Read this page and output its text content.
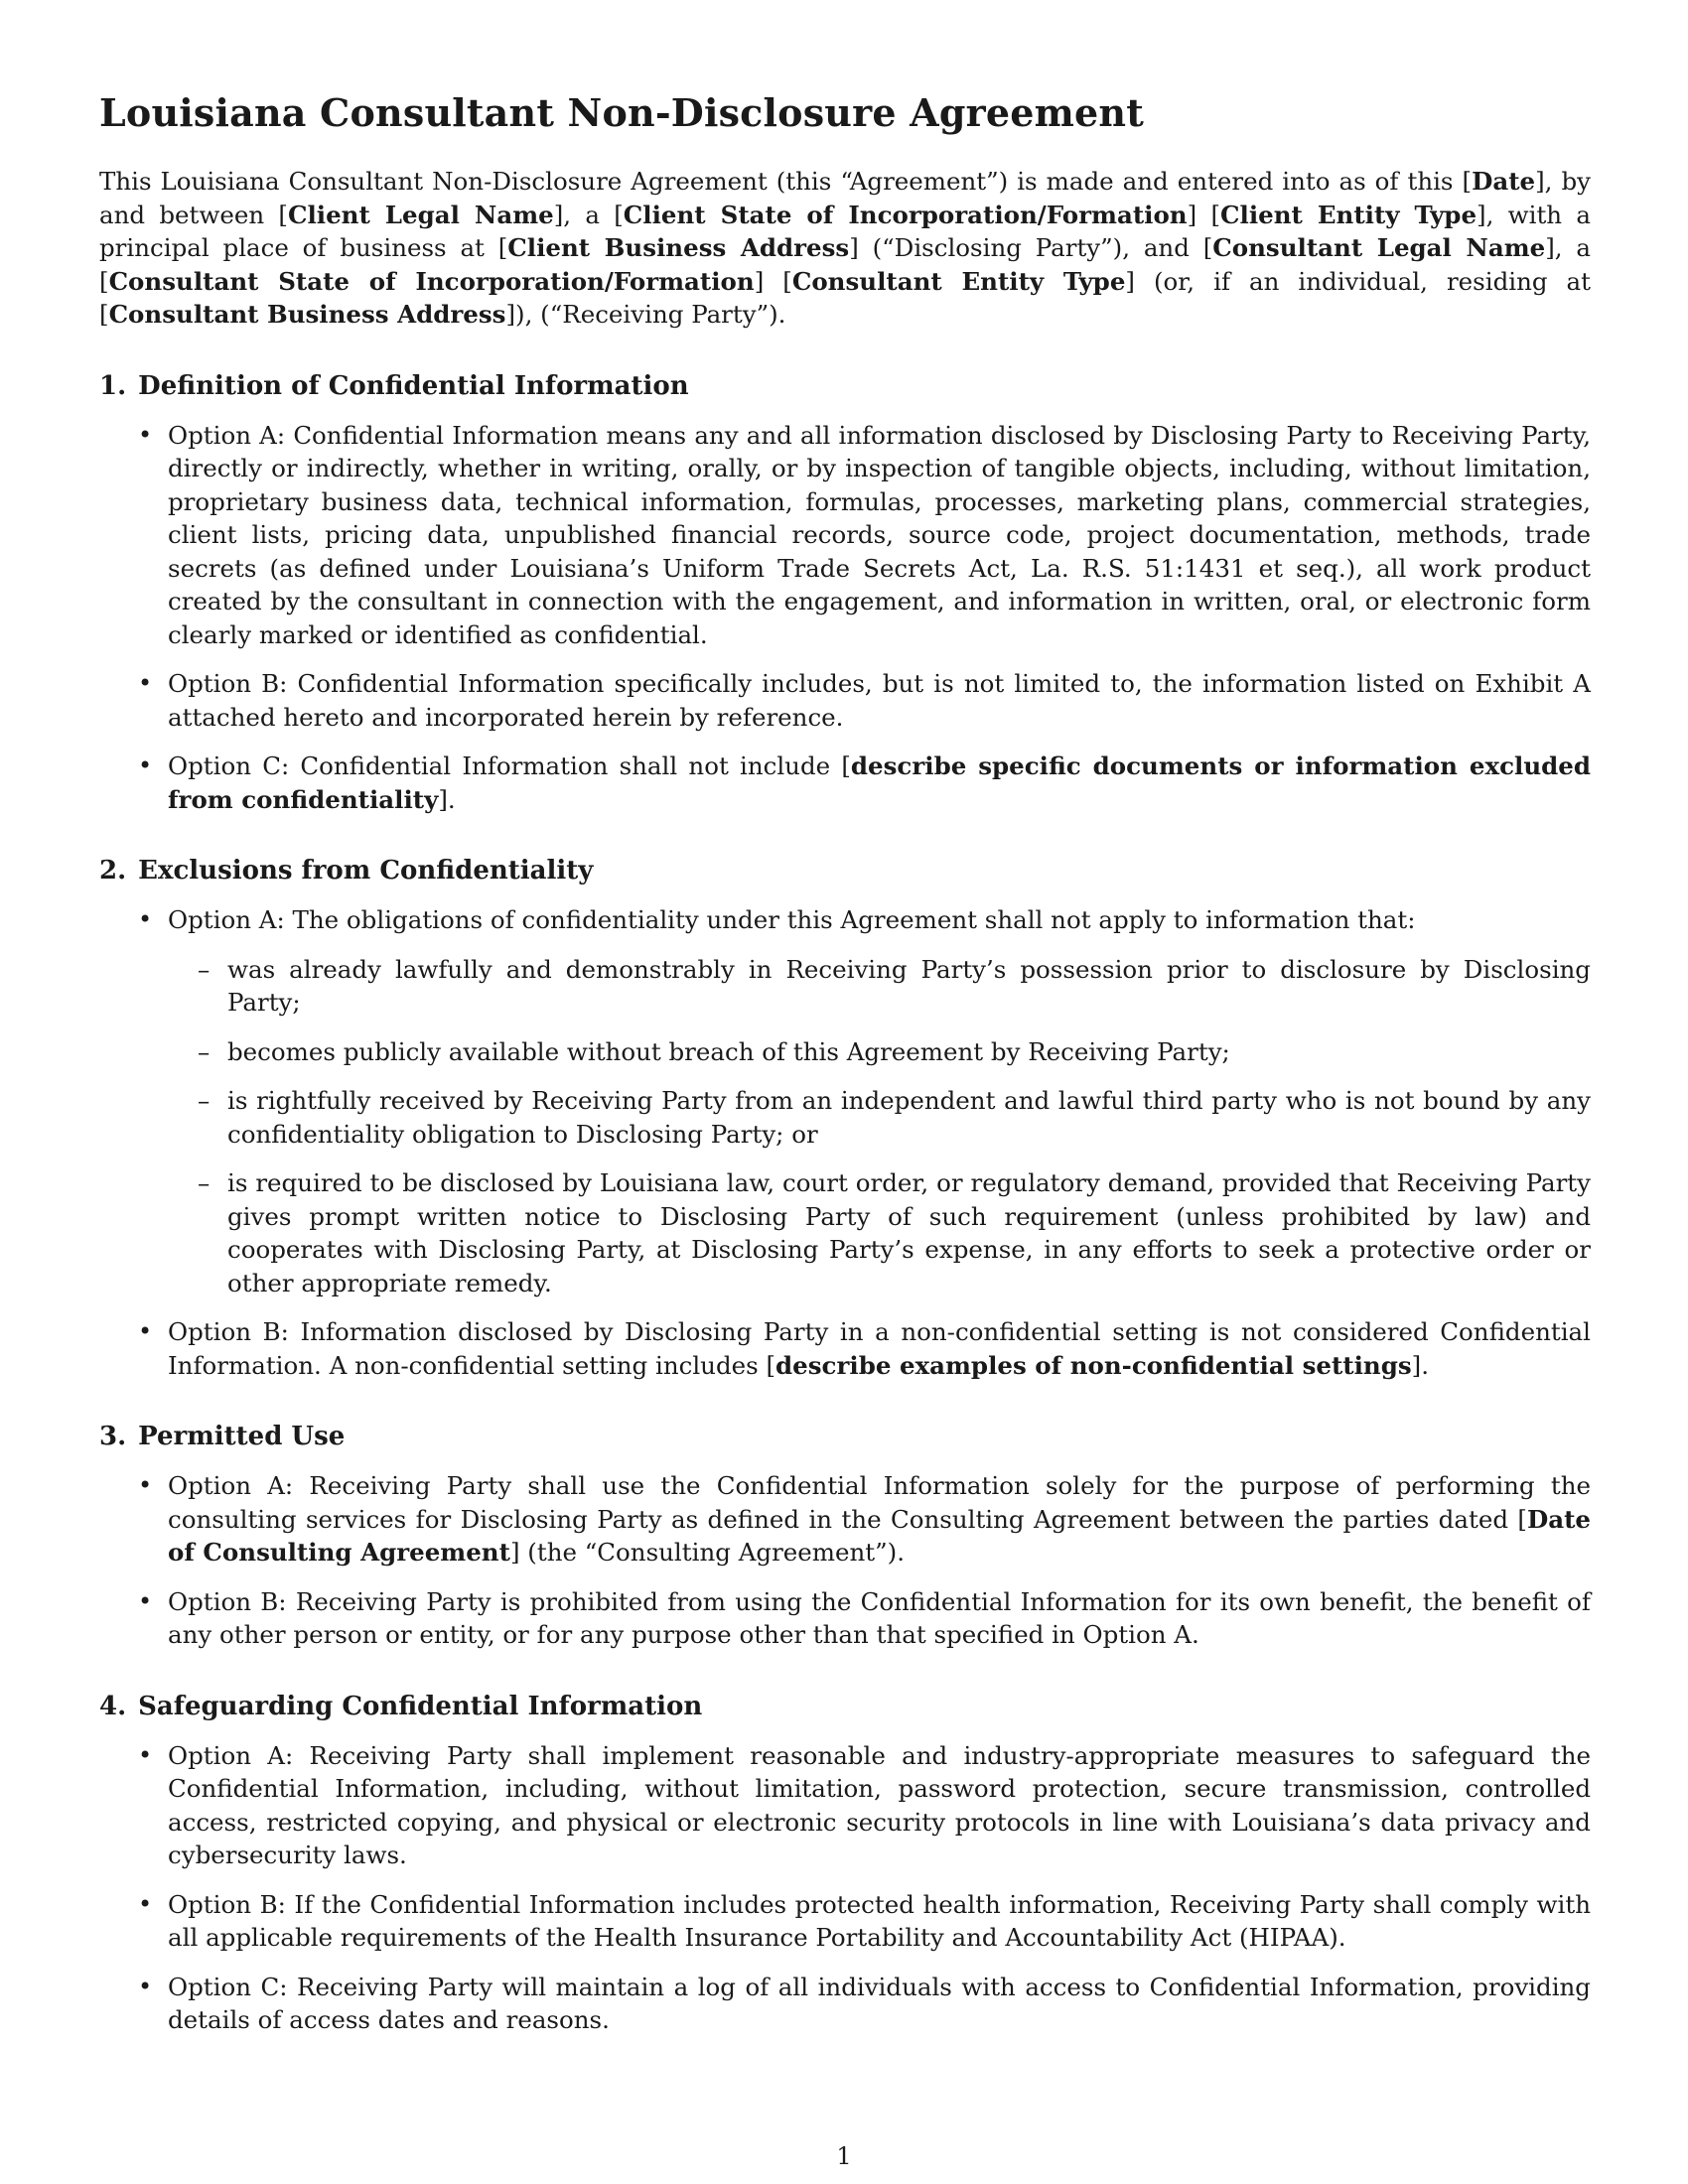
Louisiana Consultant Non-Disclosure Agreement

This Louisiana Consultant Non-Disclosure Agreement (this “Agreement”) is made and entered into as of this [Date], by and between [Client Legal Name], a [Client State of Incorporation/Formation] [Client Entity Type], with a principal place of business at [Client Business Address] (“Disclosing Party”), and [Consultant Legal Name], a [Consultant State of Incorporation/Formation] [Consultant Entity Type] (or, if an individual, residing at [Consultant Business Address]), (“Receiving Party”).

1. Definition of Confidential Information
• Option A: Confidential Information means any and all information disclosed by Disclosing Party to Receiving Party, directly or indirectly, whether in writing, orally, or by inspection of tangible objects, including, without limitation, proprietary business data, technical information, formulas, processes, marketing plans, commercial strategies, client lists, pricing data, unpublished financial records, source code, project documentation, methods, trade secrets (as defined under Louisiana’s Uniform Trade Secrets Act, La. R.S. 51:1431 et seq.), all work product created by the consultant in connection with the engagement, and information in written, oral, or electronic form clearly marked or identified as confidential.
• Option B: Confidential Information specifically includes, but is not limited to, the information listed on Exhibit A attached hereto and incorporated herein by reference.
• Option C: Confidential Information shall not include [describe specific documents or information excluded from confidentiality].
2. Exclusions from Confidentiality
• Option A: The obligations of confidentiality under this Agreement shall not apply to information that:
– was already lawfully and demonstrably in Receiving Party’s possession prior to disclosure by Disclosing Party;
– becomes publicly available without breach of this Agreement by Receiving Party;
– is rightfully received by Receiving Party from an independent and lawful third party who is not bound by any confidentiality obligation to Disclosing Party; or
– is required to be disclosed by Louisiana law, court order, or regulatory demand, provided that Receiving Party gives prompt written notice to Disclosing Party of such requirement (unless prohibited by law) and cooperates with Disclosing Party, at Disclosing Party’s expense, in any efforts to seek a protective order or other appropriate remedy.
• Option B: Information disclosed by Disclosing Party in a non-confidential setting is not considered Confidential Information. A non-confidential setting includes [describe examples of non-confidential settings].
3. Permitted Use
• Option A: Receiving Party shall use the Confidential Information solely for the purpose of performing the consulting services for Disclosing Party as defined in the Consulting Agreement between the parties dated [Date of Consulting Agreement] (the “Consulting Agreement”).
• Option B: Receiving Party is prohibited from using the Confidential Information for its own benefit, the benefit of any other person or entity, or for any purpose other than that specified in Option A.
4. Safeguarding Confidential Information
• Option A: Receiving Party shall implement reasonable and industry-appropriate measures to safeguard the Confidential Information, including, without limitation, password protection, secure transmission, controlled access, restricted copying, and physical or electronic security protocols in line with Louisiana’s data privacy and cybersecurity laws.
• Option B: If the Confidential Information includes protected health information, Receiving Party shall comply with all applicable requirements of the Health Insurance Portability and Accountability Act (HIPAA).
• Option C: Receiving Party will maintain a log of all individuals with access to Confidential Information, providing details of access dates and reasons.
1
